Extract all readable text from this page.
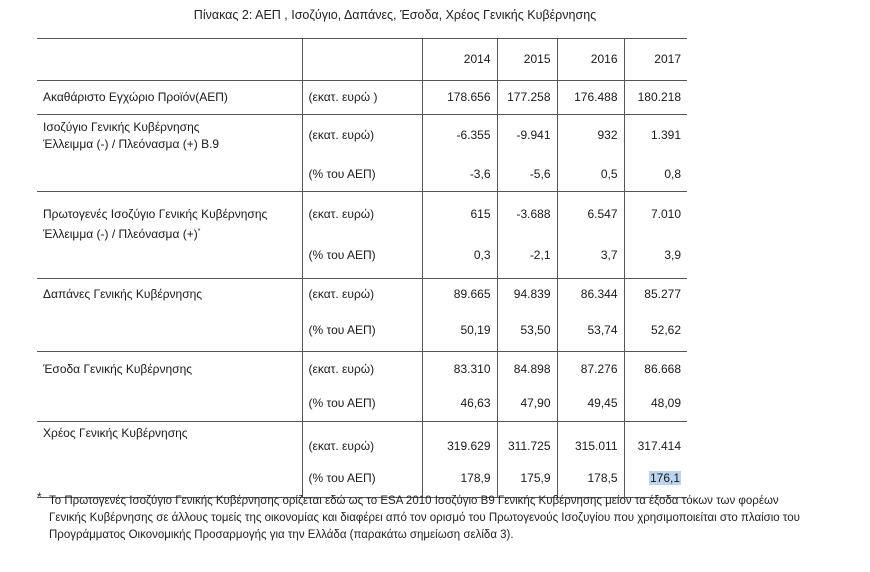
Πίνακας 2: ΑΕΠ , Ισοζύγιο, Δαπάνες, Έσοδα, Χρέος Γενικής Κυβέρνησης
		2014	2015	2016	2017
Ακαθάριστο Εγχώριο Προϊόν(ΑΕΠ)	(εκατ. ευρώ )	178.656	177.258	176.488	180.218

Ισοζύγιο Γενικής Κυβέρνησης
Έλλειμμα (-) / Πλεόνασμα (+) Β.9	(εκατ. ευρώ)	-6.355	-9.941	932	1.391
	(% του ΑΕΠ)	-3,6	-5,6	0,5	0,8

Πρωτογενές Ισοζύγιο Γενικής Κυβέρνησης
Έλλειμμα (-) / Πλεόνασμα (+)*	(εκατ. ευρώ)	615	-3.688	6.547	7.010
	(% του ΑΕΠ)	0,3	-2,1	3,7	3,9
Δαπάνες Γενικής Κυβέρνησης	(εκατ. ευρώ)	89.665	94.839	86.344	85.277
	(% του ΑΕΠ)	50,19	53,50	53,74	52,62
Έσοδα Γενικής Κυβέρνησης	(εκατ. ευρώ)	83.310	84.898	87.276	86.668
	(% του ΑΕΠ)	46,63	47,90	49,45	48,09
Χρέος Γενικής Κυβέρνησης	(εκατ. ευρώ)	319.629	311.725	315.011	317.414
	(% του ΑΕΠ)	178,9	175,9	178,5	176,1
* Το Πρωτογενές Ισοζύγιο Γενικής Κυβέρνησης ορίζεται εδώ ως το ESA 2010 Ισοζύγιο Β9 Γενικής Κυβέρνησης μείον τα έξοδα τόκων των φορέων Γενικής Κυβέρνησης σε άλλους τομείς της οικονομίας και διαφέρει από τον ορισμό του Πρωτογενούς Ισοζυγίου που χρησιμοποιείται στο πλαίσιο του Προγράμματος Οικονομικής Προσαρμογής για την Ελλάδα (παρακάτω σημείωση σελίδα 3).
